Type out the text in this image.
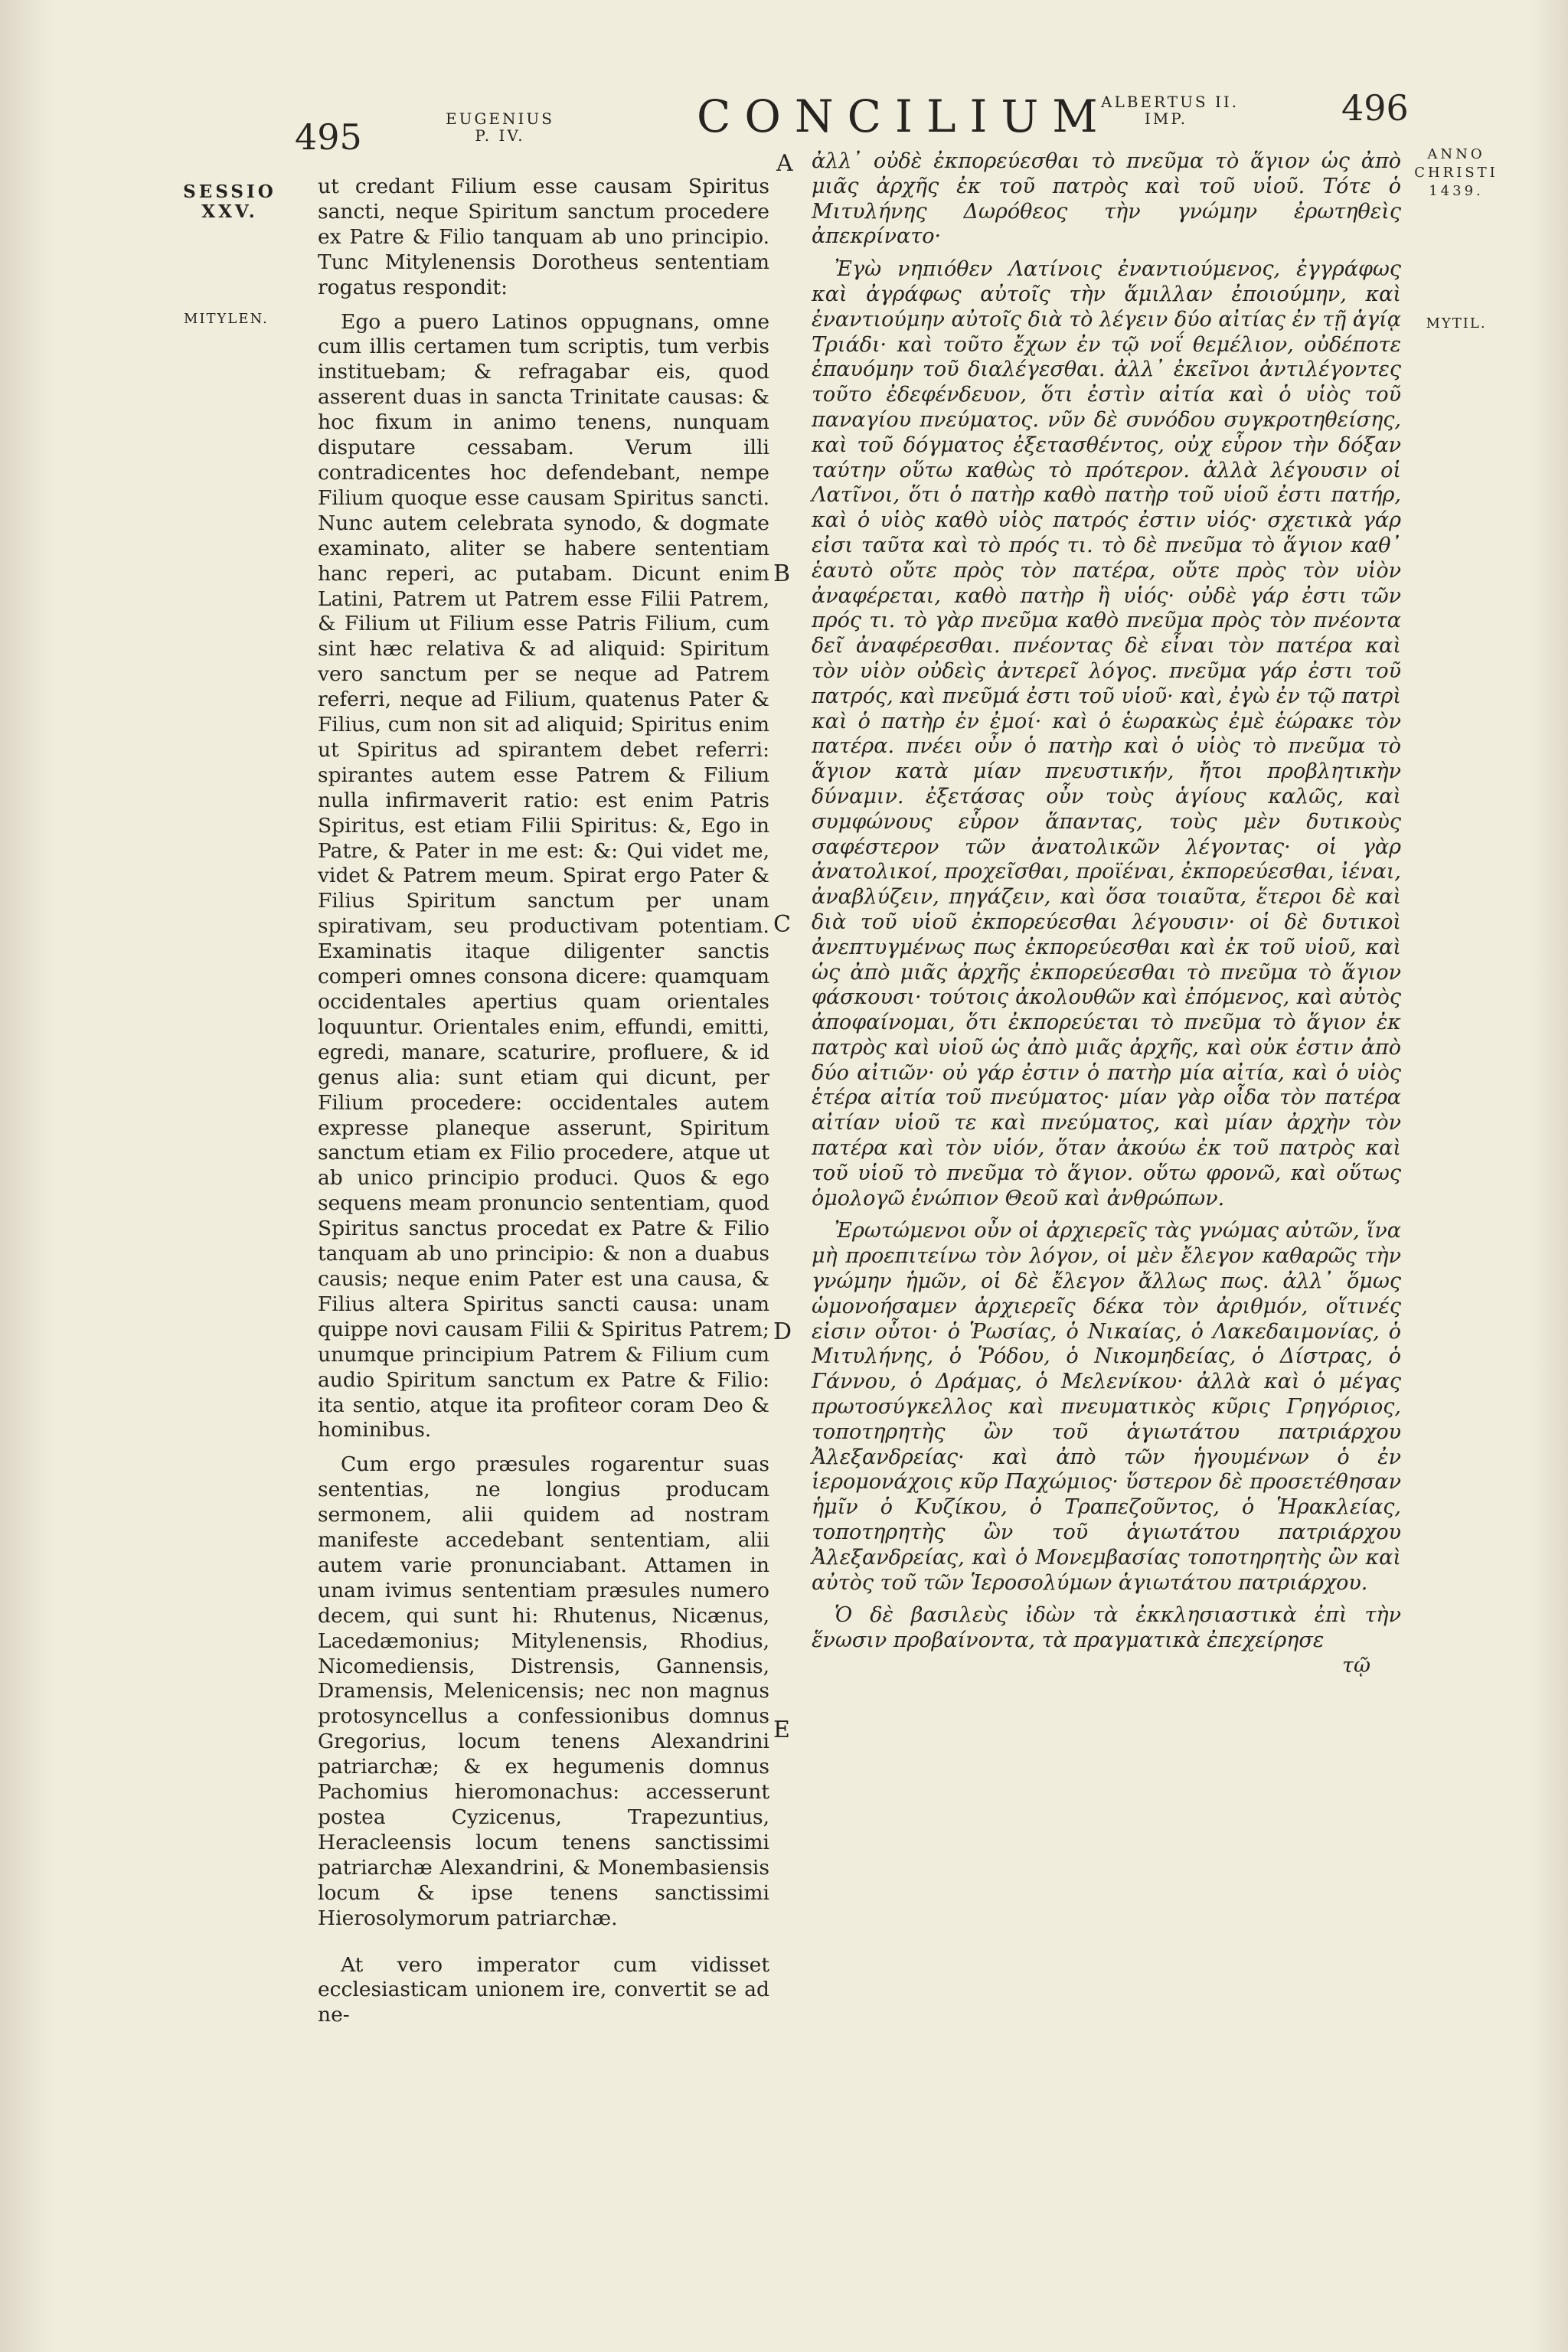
495	EUGENIUS
P. IV.	CONCILIUM
ALBERTUS II.
IMP.	496
SESSIO
XXV.
MITYLEN.
ANNO
CHRISTI
1439.
MYTIL.
A
B
C
D
E

ut credant Filium esse causam Spiritus sancti, neque Spiritum sanctum procedere ex Patre & Filio tanquam ab uno principio. Tunc Mitylenensis Dorotheus sententiam rogatus respondit:

Ego a puero Latinos oppugnans, omne cum illis certamen tum scriptis, tum verbis instituebam; & refragabar eis, quod asserent duas in sancta Trinitate causas: & hoc fixum in animo tenens, nunquam disputare cessabam. Verum illi contradicentes hoc defendebant, nempe Filium quoque esse causam Spiritus sancti. Nunc autem celebrata synodo, & dogmate examinato, aliter se habere sententiam hanc reperi, ac putabam. Dicunt enim Latini, Patrem ut Patrem esse Filii Patrem, & Filium ut Filium esse Patris Filium, cum sint hæc relativa & ad aliquid: Spiritum vero sanctum per se neque ad Patrem referri, neque ad Filium, quatenus Pater & Filius, cum non sit ad aliquid; Spiritus enim ut Spiritus ad spirantem debet referri: spirantes autem esse Patrem & Filium nulla infirmaverit ratio: est enim Patris Spiritus, est etiam Filii Spiritus: &, Ego in Patre, & Pater in me est: &: Qui videt me, videt & Patrem meum. Spirat ergo Pater & Filius Spiritum sanctum per unam spirativam, seu productivam potentiam. Examinatis itaque diligenter sanctis comperi omnes consona dicere: quamquam occidentales apertius quam orientales loquuntur. Orientales enim, effundi, emitti, egredi, manare, scaturire, profluere, & id genus alia: sunt etiam qui dicunt, per Filium procedere: occidentales autem expresse planeque asserunt, Spiritum sanctum etiam ex Filio procedere, atque ut ab unico principio produci. Quos & ego sequens meam pronuncio sententiam, quod Spiritus sanctus procedat ex Patre & Filio tanquam ab uno principio: & non a duabus causis; neque enim Pater est una causa, & Filius altera Spiritus sancti causa: unam quippe novi causam Filii & Spiritus Patrem; unumque principium Patrem & Filium cum audio Spiritum sanctum ex Patre & Filio: ita sentio, atque ita profiteor coram Deo & hominibus.

Cum ergo præsules rogarentur suas sententias, ne longius producam sermonem, alii quidem ad nostram manifeste accedebant sententiam, alii autem varie pronunciabant. Attamen in unam ivimus sententiam præsules numero decem, qui sunt hi: Rhutenus, Nicænus, Lacedæmonius; Mitylenensis, Rhodius, Nicomediensis, Distrensis, Gannensis, Dramensis, Melenicensis; nec non magnus protosyncellus a confessionibus domnus Gregorius, locum tenens Alexandrini patriarchæ; & ex hegumenis domnus Pachomius hieromonachus: accesserunt postea Cyzicenus, Trapezuntius, Heracleensis locum tenens sanctissimi patriarchæ Alexandrini, & Monembasiensis locum & ipse tenens sanctissimi Hierosolymorum patriarchæ.

At vero imperator cum vidisset ecclesiasticam unionem ire, convertit se ad ne-

ἀλλ᾽ οὐδὲ ἐκπορεύεσθαι τὸ πνεῦμα τὸ ἅγιον ὡς ἀπὸ μιᾶς ἀρχῆς ἐκ τοῦ πατρὸς καὶ τοῦ υἱοῦ. Τότε ὁ Μιτυλήνης Δωρόθεος τὴν γνώμην ἐρωτηθεὶς ἀπεκρίνατο·

Ἐγὼ νηπιόθεν Λατίνοις ἐναντιούμενος, ἐγγράφως καὶ ἀγράφως αὐτοῖς τὴν ἅμιλλαν ἐποιούμην, καὶ ἐναντιούμην αὐτοῖς διὰ τὸ λέγειν δύο αἰτίας ἐν τῇ ἁγίᾳ Τριάδι· καὶ τοῦτο ἔχων ἐν τῷ νοΐ θεμέλιον, οὐδέποτε ἐπαυόμην τοῦ διαλέγεσθαι. ἀλλ᾽ ἐκεῖνοι ἀντιλέγοντες τοῦτο ἐδεφένδευον, ὅτι ἐστὶν αἰτία καὶ ὁ υἱὸς τοῦ παναγίου πνεύματος. νῦν δὲ συνόδου συγκροτηθείσης, καὶ τοῦ δόγματος ἐξετασθέντος, οὐχ εὗρον τὴν δόξαν ταύτην οὕτω καθὼς τὸ πρότερον. ἀλλὰ λέγουσιν οἱ Λατῖνοι, ὅτι ὁ πατὴρ καθὸ πατὴρ τοῦ υἱοῦ ἐστι πατήρ, καὶ ὁ υἱὸς καθὸ υἱὸς πατρός ἐστιν υἱός· σχετικὰ γάρ εἰσι ταῦτα καὶ τὸ πρός τι. τὸ δὲ πνεῦμα τὸ ἅγιον καθ᾽ ἑαυτὸ οὔτε πρὸς τὸν πατέρα, οὔτε πρὸς τὸν υἱὸν ἀναφέρεται, καθὸ πατὴρ ἢ υἱός· οὐδὲ γάρ ἐστι τῶν πρός τι. τὸ γὰρ πνεῦμα καθὸ πνεῦμα πρὸς τὸν πνέοντα δεῖ ἀναφέρεσθαι. πνέοντας δὲ εἶναι τὸν πατέρα καὶ τὸν υἱὸν οὐδεὶς ἀντερεῖ λόγος. πνεῦμα γάρ ἐστι τοῦ πατρός, καὶ πνεῦμά ἐστι τοῦ υἱοῦ· καὶ, ἐγὼ ἐν τῷ πατρὶ καὶ ὁ πατὴρ ἐν ἐμοί· καὶ ὁ ἑωρακὼς ἐμὲ ἑώρακε τὸν πατέρα. πνέει οὖν ὁ πατὴρ καὶ ὁ υἱὸς τὸ πνεῦμα τὸ ἅγιον κατὰ μίαν πνευστικήν, ἤτοι προβλητικὴν δύναμιν. ἐξετάσας οὖν τοὺς ἁγίους καλῶς, καὶ συμφώνους εὗρον ἅπαντας, τοὺς μὲν δυτικοὺς σαφέστερον τῶν ἀνατολικῶν λέγοντας· οἱ γὰρ ἀνατολικοί, προχεῖσθαι, προϊέναι, ἐκπορεύεσθαι, ἰέναι, ἀναβλύζειν, πηγάζειν, καὶ ὅσα τοιαῦτα, ἕτεροι δὲ καὶ διὰ τοῦ υἱοῦ ἐκπορεύεσθαι λέγουσιν· οἱ δὲ δυτικοὶ ἀνεπτυγμένως πως ἐκπορεύεσθαι καὶ ἐκ τοῦ υἱοῦ, καὶ ὡς ἀπὸ μιᾶς ἀρχῆς ἐκπορεύεσθαι τὸ πνεῦμα τὸ ἅγιον φάσκουσι· τούτοις ἀκολουθῶν καὶ ἐπόμενος, καὶ αὐτὸς ἀποφαίνομαι, ὅτι ἐκπορεύεται τὸ πνεῦμα τὸ ἅγιον ἐκ πατρὸς καὶ υἱοῦ ὡς ἀπὸ μιᾶς ἀρχῆς, καὶ οὐκ ἐστιν ἀπὸ δύο αἰτιῶν· οὐ γάρ ἐστιν ὁ πατὴρ μία αἰτία, καὶ ὁ υἱὸς ἑτέρα αἰτία τοῦ πνεύματος· μίαν γὰρ οἶδα τὸν πατέρα αἰτίαν υἱοῦ τε καὶ πνεύματος, καὶ μίαν ἀρχὴν τὸν πατέρα καὶ τὸν υἱόν, ὅταν ἀκούω ἐκ τοῦ πατρὸς καὶ τοῦ υἱοῦ τὸ πνεῦμα τὸ ἅγιον. οὕτω φρονῶ, καὶ οὕτως ὁμολογῶ ἐνώπιον Θεοῦ καὶ ἀνθρώπων.

Ἐρωτώμενοι οὖν οἱ ἀρχιερεῖς τὰς γνώμας αὐτῶν, ἵνα μὴ προεπιτείνω τὸν λόγον, οἱ μὲν ἔλεγον καθαρῶς τὴν γνώμην ἡμῶν, οἱ δὲ ἔλεγον ἄλλως πως. ἀλλ᾽ ὅμως ὡμονοήσαμεν ἀρχιερεῖς δέκα τὸν ἀριθμόν, οἵτινές εἰσιν οὗτοι· ὁ Ῥωσίας, ὁ Νικαίας, ὁ Λακεδαιμονίας, ὁ Μιτυλήνης, ὁ Ῥόδου, ὁ Νικομηδείας, ὁ Δίστρας, ὁ Γάννου, ὁ Δράμας, ὁ Μελενίκου· ἀλλὰ καὶ ὁ μέγας πρωτοσύγκελλος καὶ πνευματικὸς κῦρις Γρηγόριος, τοποτηρητὴς ὢν τοῦ ἁγιωτάτου πατριάρχου Ἀλεξανδρείας· καὶ ἀπὸ τῶν ἡγουμένων ὁ ἐν ἱερομονάχοις κῦρ Παχώμιος· ὕστερον δὲ προσετέθησαν ἡμῖν ὁ Κυζίκου, ὁ Τραπεζοῦντος, ὁ Ἡρακλείας, τοποτηρητὴς ὢν τοῦ ἁγιωτάτου πατριάρχου Ἀλεξανδρείας, καὶ ὁ Μονεμβασίας τοποτηρητὴς ὢν καὶ αὐτὸς τοῦ τῶν Ἱεροσολύμων ἁγιωτάτου πατριάρχου.

Ὁ δὲ βασιλεὺς ἰδὼν τὰ ἐκκλησιαστικὰ ἐπὶ τὴν ἕνωσιν προβαίνοντα, τὰ πραγματικὰ ἐπεχείρησε

τῷ
